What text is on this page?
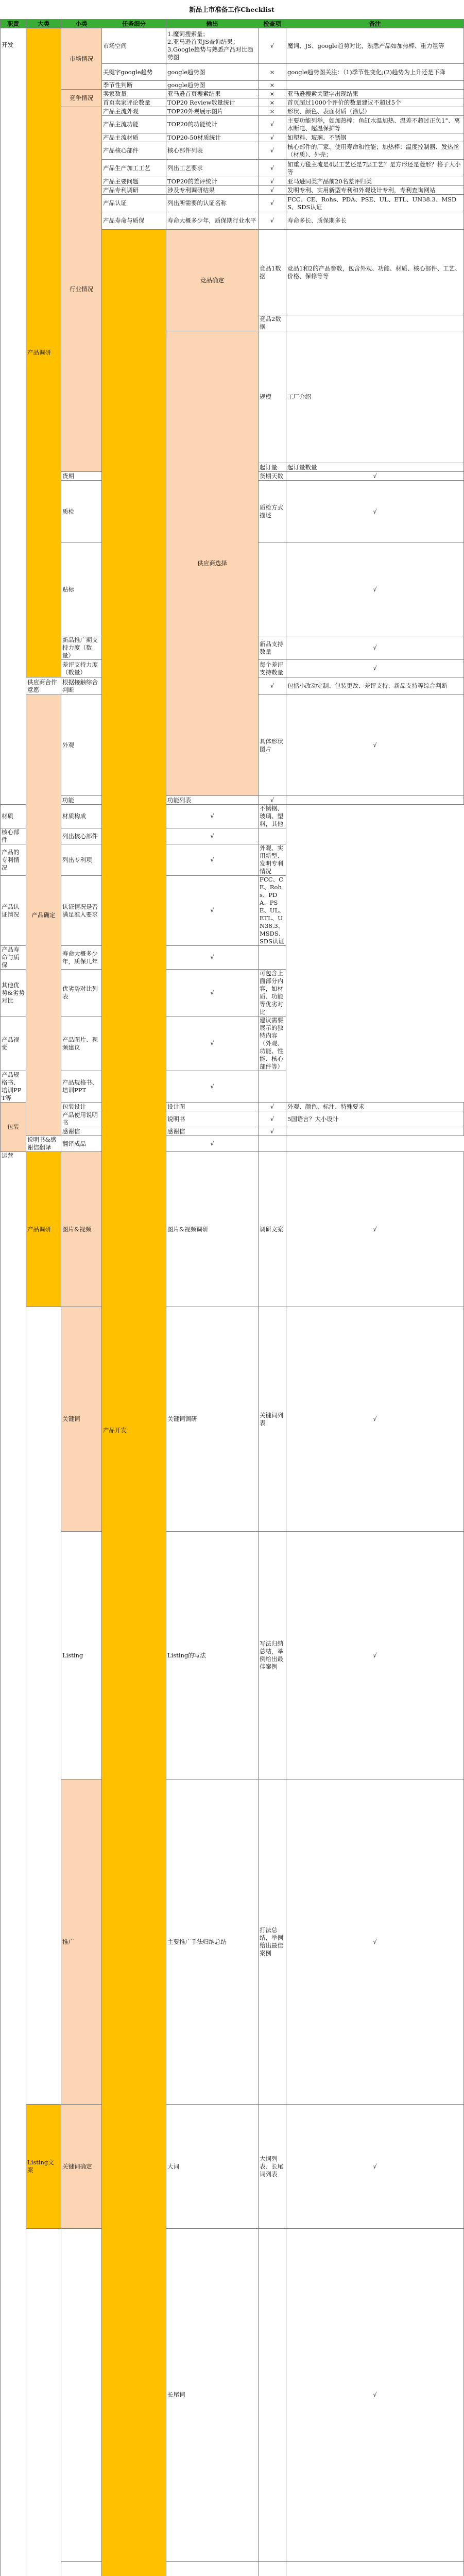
新品上市准备工作Checklist
职责	大类	小类	任务细分	输出	检查项	备注	
开发	产品调研	市场情况	市场空间	1.魔词搜索量；
2.亚马逊首页JS查询结果；
3.Google趋势与熟悉产品对比趋势图	√	魔词、JS、google趋势对比，熟悉产品如加热棒、重力毯等	
			关键字google趋势	google趋势图	×	google趋势图关注：（1)季节性变化;(2)趋势为上升还是下降	
			季节性判断	google趋势图	×		
		竞争情况	卖家数量	亚马逊首页搜索结果	×	亚马逊搜索关键字出现结果	
			首页卖家评论数量	TOP20 Review数量统计	×	首页超过1000个评价的数量建议不超过5个	
		行业情况	产品主流外观	TOP20外观展示图片	×	形状、颜色、表面材质（涂层）	
			产品主流功能	TOP20的功能统计	√	主要功能列举，如加热棒：鱼缸水温加热、温差不超过正负1°、离水断电、超温保护等	
			产品主流材质	TOP20-50材质统计	√	如塑料、玻璃、不锈钢	
			产品核心部件	核心部件列表	√	核心部件的厂家、使用寿命和性能；加热棒：温度控制器、发热丝（材质）、外壳；	
			产品生产加工工艺	列出工艺要求	√	如重力毯主流是4层工艺还是7层工艺？是方形还是菱形？格子大小等	
			产品主要问题	TOP20的差评统计	√	亚马逊同类产品前20名差评归类	
			产品专利调研	涉及专利调研结果	√	发明专利、实用新型专利和外观设计专利，专利查询网站	
			产品认证	列出所需要的认证名称	√	FCC、CE、Rohs、PDA、PSE、UL、ETL、UN38.3、MSDS、SDS认证	
			产品寿命与质保	寿命大概多少年，质保期行业水平	√	寿命多长、质保期多长	
			产品开发	竞品确定	竞品1数据	竞品1和2的产品参数，包含外观、功能、材质、核心部件、工艺、价格、保修等等		
					竞品2数据			
				供应商选择	规模	工厂介绍		
					起订量	起订量数量		
		货期			货期天数	√	
		质检			质检方式描述	√	
		贴标				√	
		新品推广期支持力度（数量）			新品支持数量	√	
		差评支持力度（数量）			每个差评支持数量	√	
	供应商合作意愿	根据接触综合判断			√	包括小改动定制、包装更改、差评支持、新品支持等综合判断	
	产品确定	外观			具体形状图片	√	
		功能		功能列表	√		
材质		材质构成		√	不锈钢、玻璃、塑料，其他		
核心部件		列出核心部件		√			
产品的专利情况		列出专利项		√	外观、实用新型、发明专利情况		
产品认证情况		认证情况是否满足准入要求		√	FCC、CE、Rohs、PDA、PSE、UL、ETL、UN38.3、MSDS、SDS认证		
产品寿命与质保		寿命大概多少年，质保几年		√			
其他优势&劣势对比		优劣势对比列表		√	可包含上面部分内容，如材质、功能等优劣对比		
产品视觉		产品图片、视频建议		√	建议需要展示的独特内容（外观、功能、性能、核心部件等）		
产品规格书、培训PPT等		产品规格书、培训PPT		√			
包装		包装设计		设计图	√	外观、颜色、标注、特殊要求	
		产品使用说明书		说明书	√	5国语言？大小设计	
		感谢信		感谢信	√		
	说明书&感谢信翻译	翻译成品		√			
运营	产品调研	图片&视频		图片&视频调研	调研文案	√	
		关键词		关键词调研	关键词列表	√	
		Listing		Listing的写法	写法归纳总结，举例给出最佳案例	√	
		推广		主要推广手法归纳总结	打法总结，举例给出最佳案例	√	
	Listing文案	关键词确定		大词	大词列表、长尾词列表	√	
				长尾词		√	
